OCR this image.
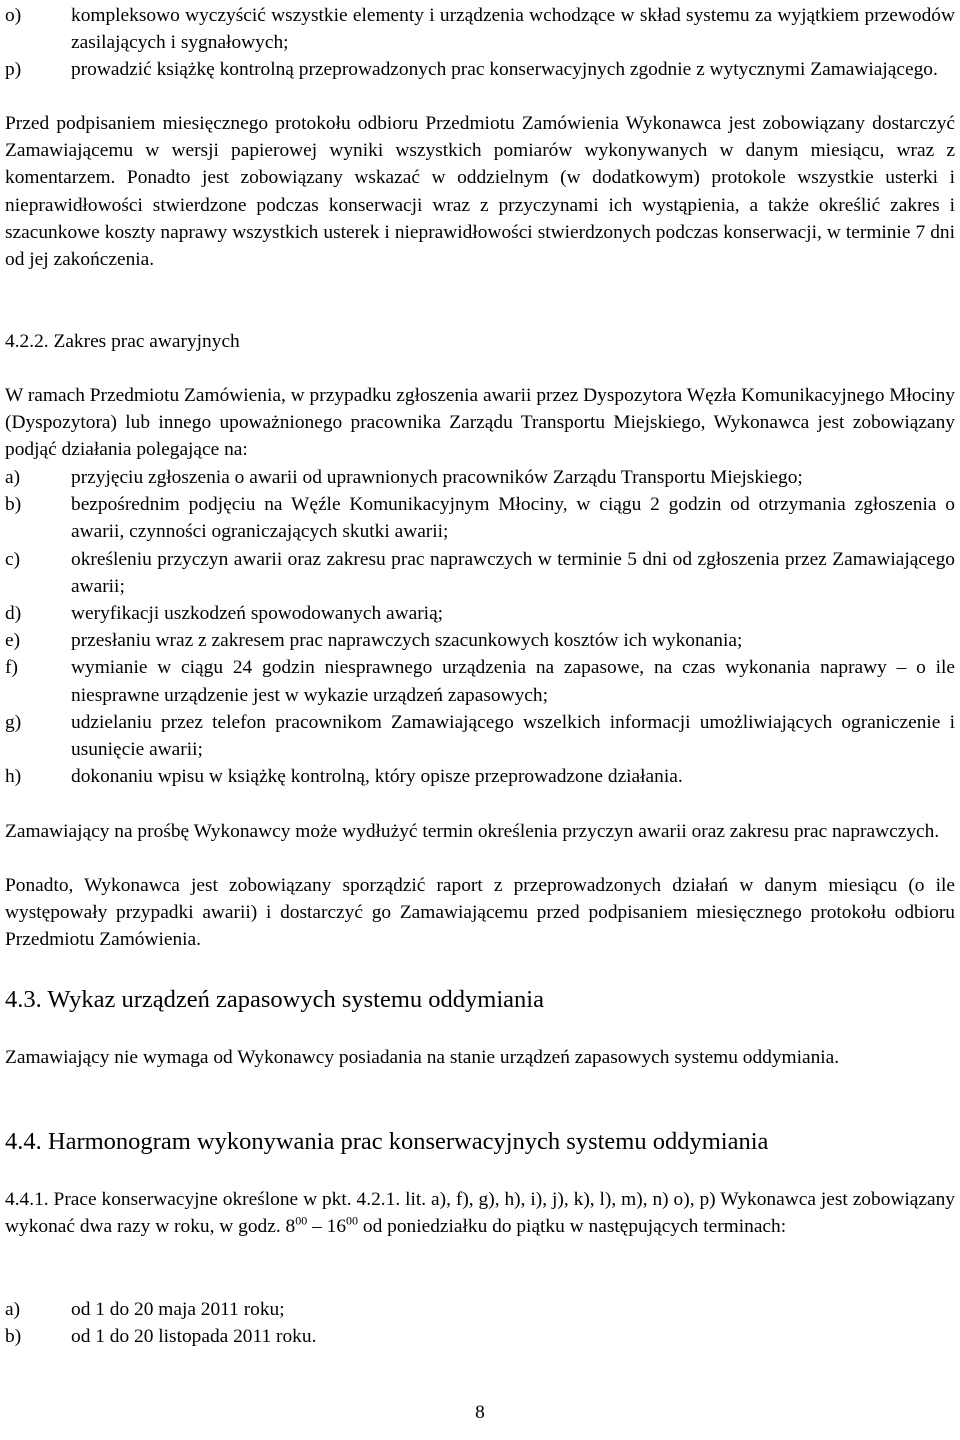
o)	kompleksowo wyczyścić wszystkie elementy i urządzenia wchodzące w skład systemu za wyjątkiem przewodów zasilających i sygnałowych;
p)	prowadzić książkę kontrolną przeprowadzonych prac konserwacyjnych zgodnie z wytycznymi Zamawiającego.

Przed podpisaniem miesięcznego protokołu odbioru Przedmiotu Zamówienia Wykonawca jest zobowiązany dostarczyć Zamawiającemu w wersji papierowej wyniki wszystkich pomiarów wykonywanych w danym miesiącu, wraz z komentarzem. Ponadto jest zobowiązany wskazać w oddzielnym (w dodatkowym) protokole wszystkie usterki i nieprawidłowości stwierdzone podczas konserwacji wraz z przyczynami ich wystąpienia, a także określić zakres i szacunkowe koszty naprawy wszystkich usterek i nieprawidłowości stwierdzonych podczas konserwacji, w terminie 7 dni od jej zakończenia.

4.2.2. Zakres prac awaryjnych

W ramach Przedmiotu Zamówienia, w przypadku zgłoszenia awarii przez Dyspozytora Węzła Komunikacyjnego Młociny (Dyspozytora) lub innego upoważnionego pracownika Zarządu Transportu Miejskiego, Wykonawca jest zobowiązany podjąć działania polegające na:

a)	przyjęciu zgłoszenia o awarii od uprawnionych pracowników Zarządu Transportu Miejskiego;
b)	bezpośrednim podjęciu na Węźle Komunikacyjnym Młociny, w ciągu 2 godzin od otrzymania zgłoszenia o awarii, czynności ograniczających skutki awarii;
c)	określeniu przyczyn awarii oraz zakresu prac naprawczych w terminie 5 dni od zgłoszenia przez Zamawiającego awarii;
d)	weryfikacji uszkodzeń spowodowanych awarią;
e)	przesłaniu wraz z zakresem prac naprawczych szacunkowych kosztów ich wykonania;
f)	wymianie w ciągu 24 godzin niesprawnego urządzenia na zapasowe, na czas wykonania naprawy – o ile niesprawne urządzenie jest w wykazie urządzeń zapasowych;
g)	udzielaniu przez telefon pracownikom Zamawiającego wszelkich informacji umożliwiających ograniczenie i usunięcie awarii;
h)	dokonaniu wpisu w książkę kontrolną, który opisze przeprowadzone działania.

Zamawiający na prośbę Wykonawcy może wydłużyć termin określenia przyczyn awarii oraz zakresu prac naprawczych.

Ponadto, Wykonawca jest zobowiązany sporządzić raport z przeprowadzonych działań w danym miesiącu (o ile występowały przypadki awarii) i dostarczyć go Zamawiającemu przed podpisaniem miesięcznego protokołu odbioru Przedmiotu Zamówienia.

4.3. Wykaz urządzeń zapasowych systemu oddymiania

Zamawiający nie wymaga od Wykonawcy posiadania na stanie urządzeń zapasowych systemu oddymiania.

4.4. Harmonogram wykonywania prac konserwacyjnych systemu oddymiania

4.4.1. Prace konserwacyjne określone w pkt. 4.2.1. lit. a), f), g), h), i), j), k), l), m), n) o), p) Wykonawca jest zobowiązany wykonać dwa razy w roku, w godz. $8^{00} - 16^{00}$ od poniedziałku do piątku w następujących terminach:

a)	od 1 do 20 maja 2011 roku;
b)	od 1 do 20 listopada 2011 roku.
8
